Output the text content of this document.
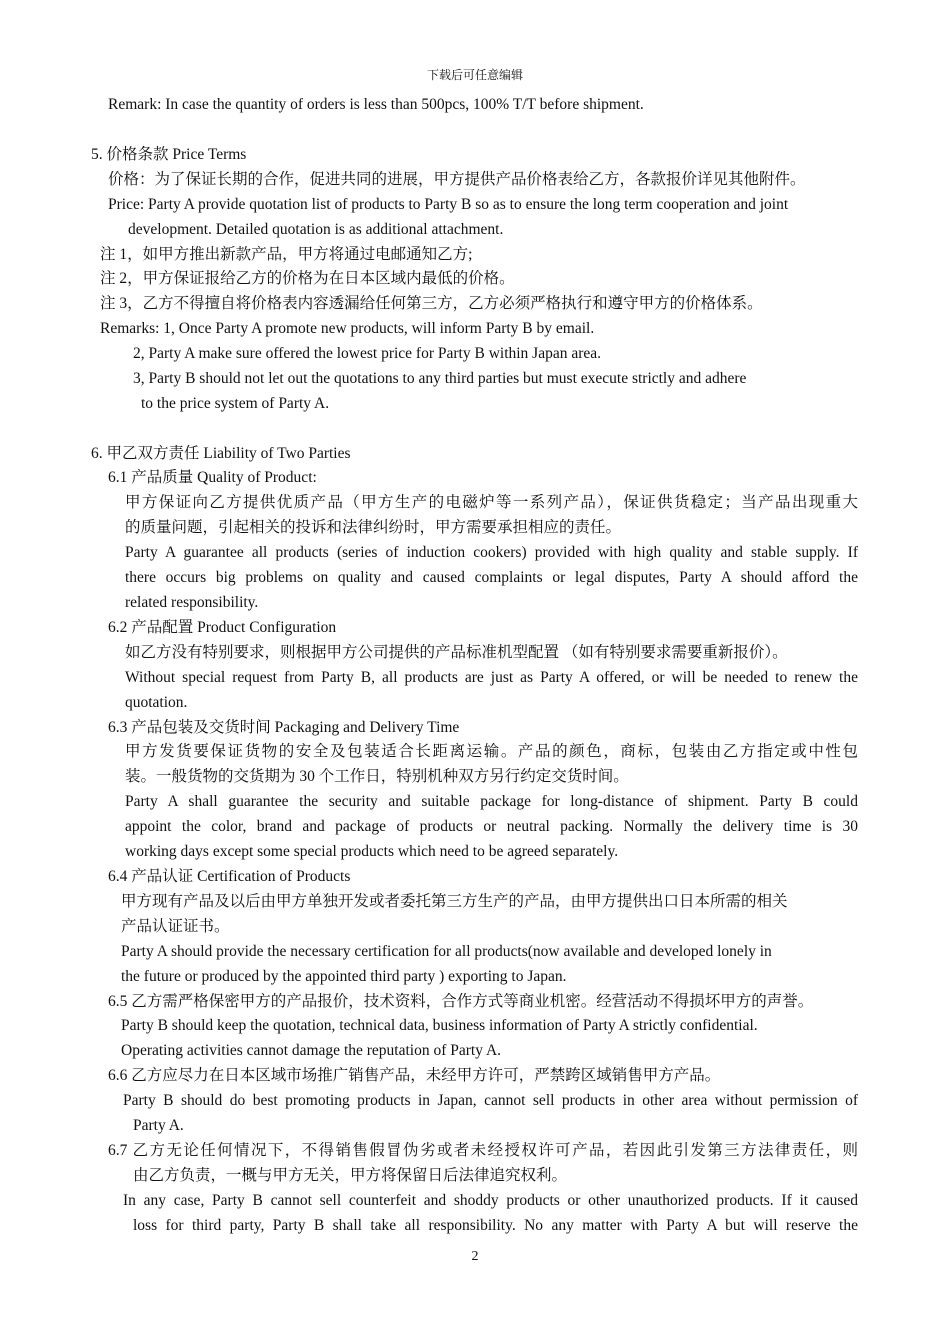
下载后可任意编辑
Remark: In case the quantity of orders is less than 500pcs, 100% T/T before shipment.
5. 价格条款 Price Terms
价格：为了保证长期的合作，促进共同的进展，甲方提供产品价格表给乙方，各款报价详见其他附件。
Price: Party A provide quotation list of products to Party B so as to ensure the long term cooperation and joint
development. Detailed quotation is as additional attachment.
注 1，如甲方推出新款产品，甲方将通过电邮通知乙方;
注 2，甲方保证报给乙方的价格为在日本区域内最低的价格。
注 3，乙方不得擅自将价格表内容透漏给任何第三方，乙方必须严格执行和遵守甲方的价格体系。
Remarks: 1, Once Party A promote new products, will inform Party B by email.
2, Party A make sure offered the lowest price for Party B within Japan area.
3, Party B should not let out the quotations to any third parties but must execute strictly and adhere
to the price system of Party A.
6. 甲乙双方责任 Liability of Two Parties
6.1 产品质量 Quality of Product:
甲方保证向乙方提供优质产品（甲方生产的电磁炉等一系列产品），保证供货稳定；当产品出现重大
的质量问题，引起相关的投诉和法律纠纷时，甲方需要承担相应的责任。
Party A guarantee all products (series of induction cookers) provided with high quality and stable supply. If
there occurs big problems on quality and caused complaints or legal disputes, Party A should afford the
related responsibility.
6.2 产品配置 Product Configuration
如乙方没有特别要求，则根据甲方公司提供的产品标准机型配置 （如有特别要求需要重新报价）。
Without special request from Party B, all products are just as Party A offered, or will be needed to renew the
quotation.
6.3 产品包装及交货时间 Packaging and Delivery Time
甲方发货要保证货物的安全及包装适合长距离运输。产品的颜色，商标，包装由乙方指定或中性包
装。一般货物的交货期为 30 个工作日，特别机种双方另行约定交货时间。
Party A shall guarantee the security and suitable package for long-distance of shipment. Party B could
appoint the color, brand and package of products or neutral packing. Normally the delivery time is 30
working days except some special products which need to be agreed separately.
6.4 产品认证 Certification of Products
甲方现有产品及以后由甲方单独开发或者委托第三方生产的产品，由甲方提供出口日本所需的相关
产品认证证书。
Party A should provide the necessary certification for all products(now available and developed lonely in
the future or produced by the appointed third party ) exporting to Japan.
6.5 乙方需严格保密甲方的产品报价，技术资料，合作方式等商业机密。经营活动不得损坏甲方的声誉。
Party B should keep the quotation, technical data, business information of Party A strictly confidential.
Operating activities cannot damage the reputation of Party A.
6.6 乙方应尽力在日本区域市场推广销售产品，未经甲方许可，严禁跨区域销售甲方产品。
Party B should do best promoting products in Japan, cannot sell products in other area without permission of
Party A.
6.7 乙方无论任何情况下，不得销售假冒伪劣或者未经授权许可产品，若因此引发第三方法律责任，则
由乙方负责，一概与甲方无关，甲方将保留日后法律追究权利。
In any case, Party B cannot sell counterfeit and shoddy products or other unauthorized products. If it caused
loss for third party, Party B shall take all responsibility. No any matter with Party A but will reserve the
2
